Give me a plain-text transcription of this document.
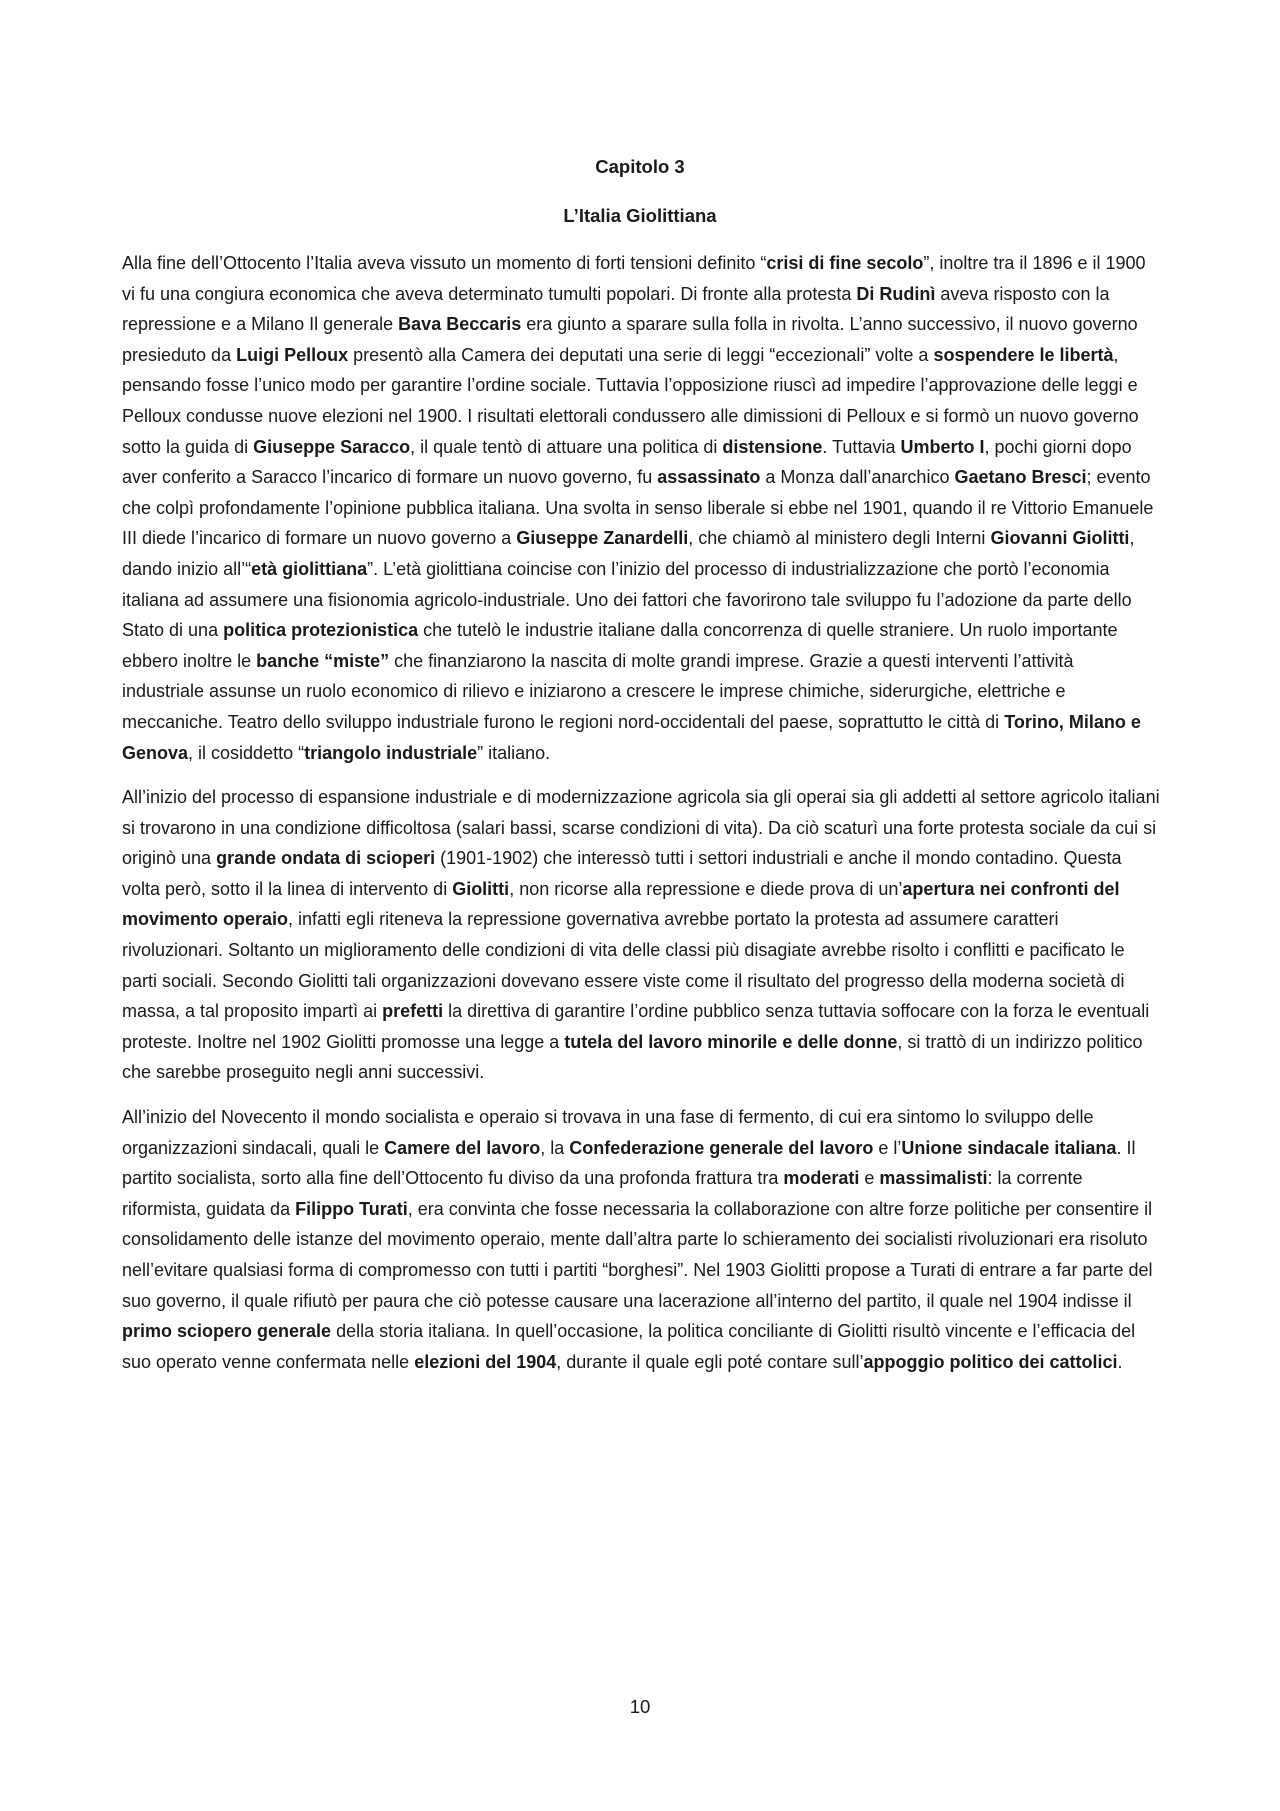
Capitolo 3

L’Italia Giolittiana

Alla fine dell’Ottocento l’Italia aveva vissuto un momento di forti tensioni definito “crisi di fine secolo”, inoltre tra il 1896 e il 1900 vi fu una congiura economica che aveva determinato tumulti popolari. Di fronte alla protesta Di Rudinì aveva risposto con la repressione e a Milano Il generale Bava Beccaris era giunto a sparare sulla folla in rivolta. L’anno successivo, il nuovo governo presieduto da Luigi Pelloux presentò alla Camera dei deputati una serie di leggi “eccezionali” volte a sospendere le libertà, pensando fosse l’unico modo per garantire l’ordine sociale. Tuttavia l’opposizione riuscì ad impedire l’approvazione delle leggi e Pelloux condusse nuove elezioni nel 1900. I risultati elettorali condussero alle dimissioni di Pelloux e si formò un nuovo governo sotto la guida di Giuseppe Saracco, il quale tentò di attuare una politica di distensione. Tuttavia Umberto I, pochi giorni dopo aver conferito a Saracco l’incarico di formare un nuovo governo, fu assassinato a Monza dall’anarchico Gaetano Bresci; evento che colpì profondamente l’opinione pubblica italiana. Una svolta in senso liberale si ebbe nel 1901, quando il re Vittorio Emanuele III diede l’incarico di formare un nuovo governo a Giuseppe Zanardelli, che chiamò al ministero degli Interni Giovanni Giolitti, dando inizio all’“età giolittiana”. L’età giolittiana coincise con l’inizio del processo di industrializzazione che portò l’economia italiana ad assumere una fisionomia agricolo-industriale. Uno dei fattori che favorirono tale sviluppo fu l’adozione da parte dello Stato di una politica protezionistica che tutelò le industrie italiane dalla concorrenza di quelle straniere. Un ruolo importante ebbero inoltre le banche “miste” che finanziarono la nascita di molte grandi imprese. Grazie a questi interventi l’attività industriale assunse un ruolo economico di rilievo e iniziarono a crescere le imprese chimiche, siderurgiche, elettriche e meccaniche. Teatro dello sviluppo industriale furono le regioni nord-occidentali del paese, soprattutto le città di Torino, Milano e Genova, il cosiddetto “triangolo industriale” italiano.

All’inizio del processo di espansione industriale e di modernizzazione agricola sia gli operai sia gli addetti al settore agricolo italiani si trovarono in una condizione difficoltosa (salari bassi, scarse condizioni di vita). Da ciò scaturì una forte protesta sociale da cui si originò una grande ondata di scioperi (1901-1902) che interessò tutti i settori industriali e anche il mondo contadino. Questa volta però, sotto il la linea di intervento di Giolitti, non ricorse alla repressione e diede prova di un’apertura nei confronti del movimento operaio, infatti egli riteneva la repressione governativa avrebbe portato la protesta ad assumere caratteri rivoluzionari. Soltanto un miglioramento delle condizioni di vita delle classi più disagiate avrebbe risolto i conflitti e pacificato le parti sociali. Secondo Giolitti tali organizzazioni dovevano essere viste come il risultato del progresso della moderna società di massa, a tal proposito impartì ai prefetti la direttiva di garantire l’ordine pubblico senza tuttavia soffocare con la forza le eventuali proteste. Inoltre nel 1902 Giolitti promosse una legge a tutela del lavoro minorile e delle donne, si trattò di un indirizzo politico che sarebbe proseguito negli anni successivi.

All’inizio del Novecento il mondo socialista e operaio si trovava in una fase di fermento, di cui era sintomo lo sviluppo delle organizzazioni sindacali, quali le Camere del lavoro, la Confederazione generale del lavoro e l’Unione sindacale italiana. Il partito socialista, sorto alla fine dell’Ottocento fu diviso da una profonda frattura tra moderati e massimalisti: la corrente riformista, guidata da Filippo Turati, era convinta che fosse necessaria la collaborazione con altre forze politiche per consentire il consolidamento delle istanze del movimento operaio, mente dall’altra parte lo schieramento dei socialisti rivoluzionari era risoluto nell’evitare qualsiasi forma di compromesso con tutti i partiti “borghesi”. Nel 1903 Giolitti propose a Turati di entrare a far parte del suo governo, il quale rifiutò per paura che ciò potesse causare una lacerazione all’interno del partito, il quale nel 1904 indisse il primo sciopero generale della storia italiana. In quell’occasione, la politica conciliante di Giolitti risultò vincente e l’efficacia del suo operato venne confermata nelle elezioni del 1904, durante il quale egli poté contare sull’appoggio politico dei cattolici.

10
